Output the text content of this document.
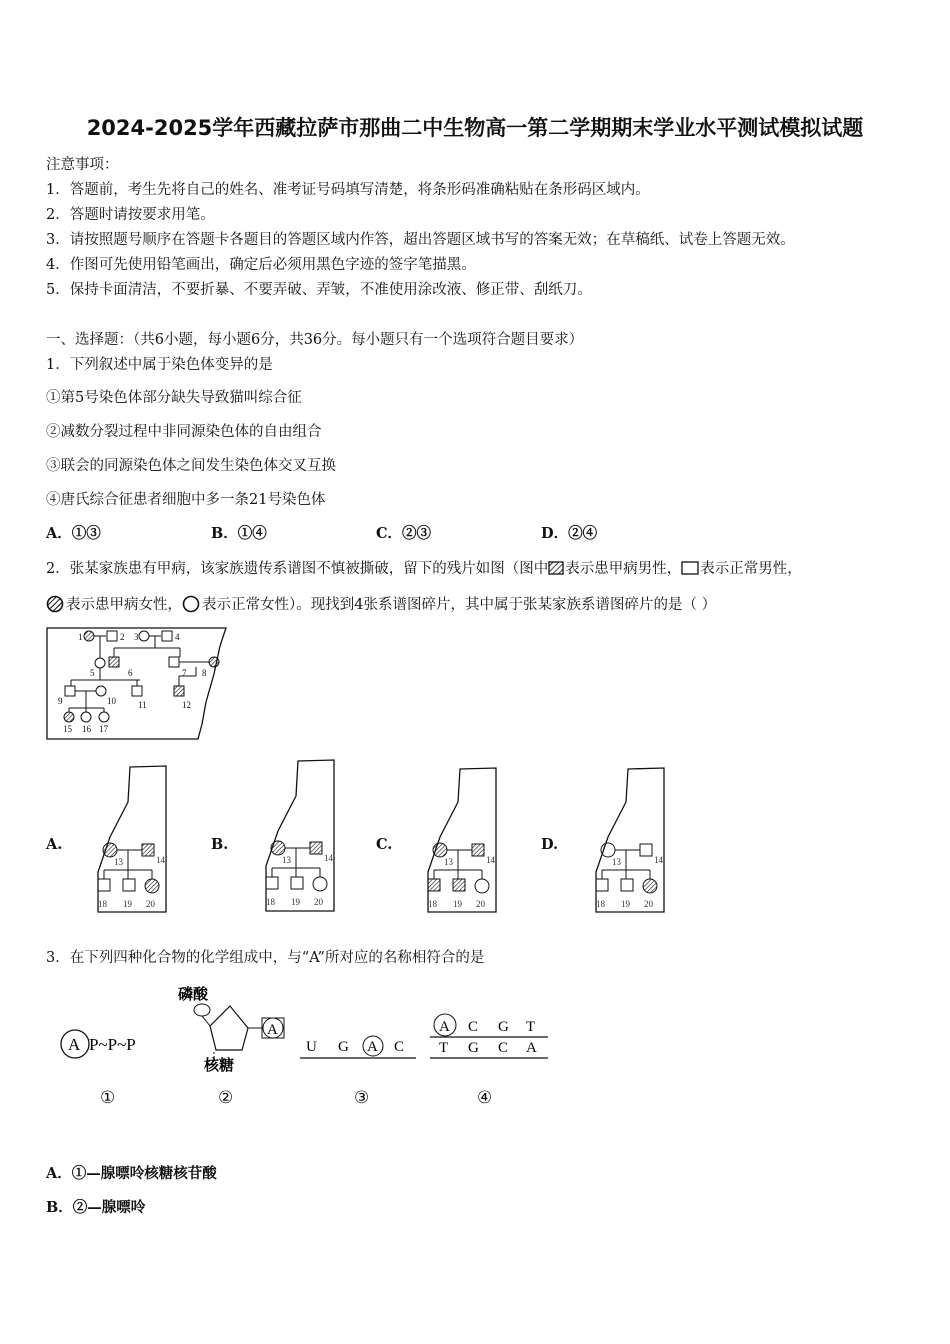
2024-2025学年西藏拉萨市那曲二中生物高一第二学期期末学业水平测试模拟试题
注意事项：
1．答题前，考生先将自己的姓名、准考证号码填写清楚，将条形码准确粘贴在条形码区域内。
2．答题时请按要求用笔。
3．请按照题号顺序在答题卡各题目的答题区域内作答，超出答题区域书写的答案无效；在草稿纸、试卷上答题无效。
4．作图可先使用铅笔画出，确定后必须用黑色字迹的签字笔描黑。
5．保持卡面清洁，不要折暴、不要弄破、弄皱，不准使用涂改液、修正带、刮纸刀。
一、选择题：（共6小题，每小题6分，共36分。每小题只有一个选项符合题目要求）
1．下列叙述中属于染色体变异的是
①第5号染色体部分缺失导致猫叫综合征
②减数分裂过程中非同源染色体的自由组合
③联会的同源染色体之间发生染色体交叉互换
④唐氏综合征患者细胞中多一条21号染色体
A．①③	B．①④	C．②③	D．②④
2．张某家族患有甲病，该家族遗传系谱图不慎被撕破，留下的残片如图（图中 表示患甲病男性， 表示正常男性，
表示患甲病女性， 表示正常女性）。现找到4张系谱图碎片，其中属于张某家族系谱图碎片的是（ ）
1	2 3	4
5	6	7 8
9	10 11	12
15 16 17
A.	B.	C.	D.
13	14
18 19 20
13	14
18 19 20
13	14
18 19 20
13	14
18 19 20
3．在下列四种化合物的化学组成中，与“A”所对应的名称相符合的是
A P~P~P
磷酸
A
核糖
U G A C
A C G T
T G C A
①	②	③	④
A．①—腺嘌呤核糖核苷酸
B．②—腺嘌呤
